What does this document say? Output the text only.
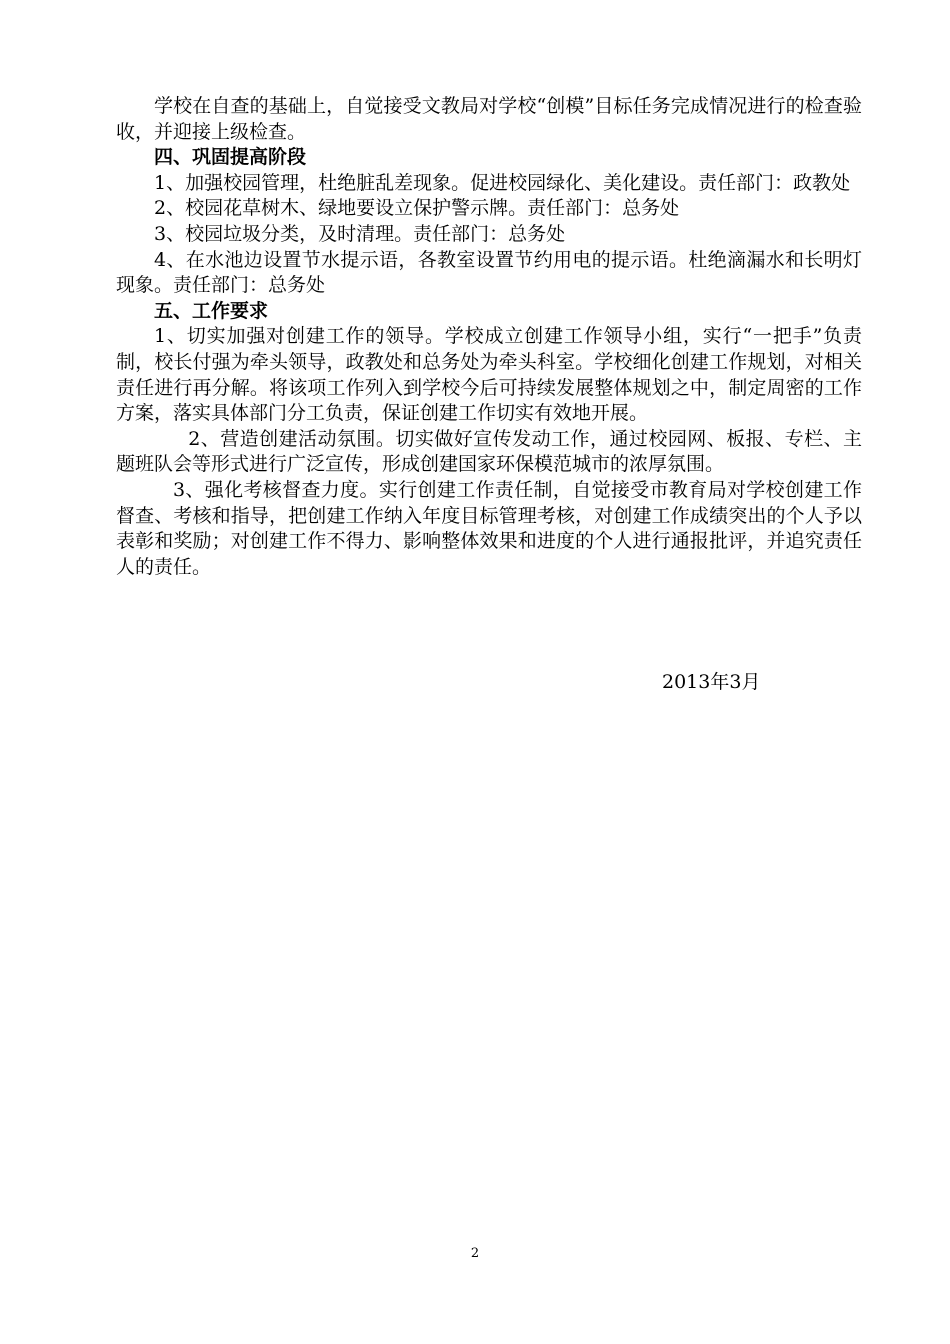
学校在自查的基础上，自觉接受文教局对学校“创模”目标任务完成情况进行的检查验收，并迎接上级检查。

四、巩固提高阶段

1、加强校园管理，杜绝脏乱差现象。促进校园绿化、美化建设。责任部门：政教处

2、校园花草树木、绿地要设立保护警示牌。责任部门：总务处

3、校园垃圾分类，及时清理。责任部门：总务处

4、在水池边设置节水提示语，各教室设置节约用电的提示语。杜绝滴漏水和长明灯现象。责任部门：总务处

五、工作要求

1、切实加强对创建工作的领导。学校成立创建工作领导小组，实行“一把手”负责制，校长付强为牵头领导，政教处和总务处为牵头科室。学校细化创建工作规划，对相关责任进行再分解。将该项工作列入到学校今后可持续发展整体规划之中，制定周密的工作方案，落实具体部门分工负责，保证创建工作切实有效地开展。

2、营造创建活动氛围。切实做好宣传发动工作，通过校园网、板报、专栏、主题班队会等形式进行广泛宣传，形成创建国家环保模范城市的浓厚氛围。

3、强化考核督查力度。实行创建工作责任制，自觉接受市教育局对学校创建工作督查、考核和指导，把创建工作纳入年度目标管理考核，对创建工作成绩突出的个人予以表彰和奖励；对创建工作不得力、影响整体效果和进度的个人进行通报批评，并追究责任人的责任。

2013年3月
2
